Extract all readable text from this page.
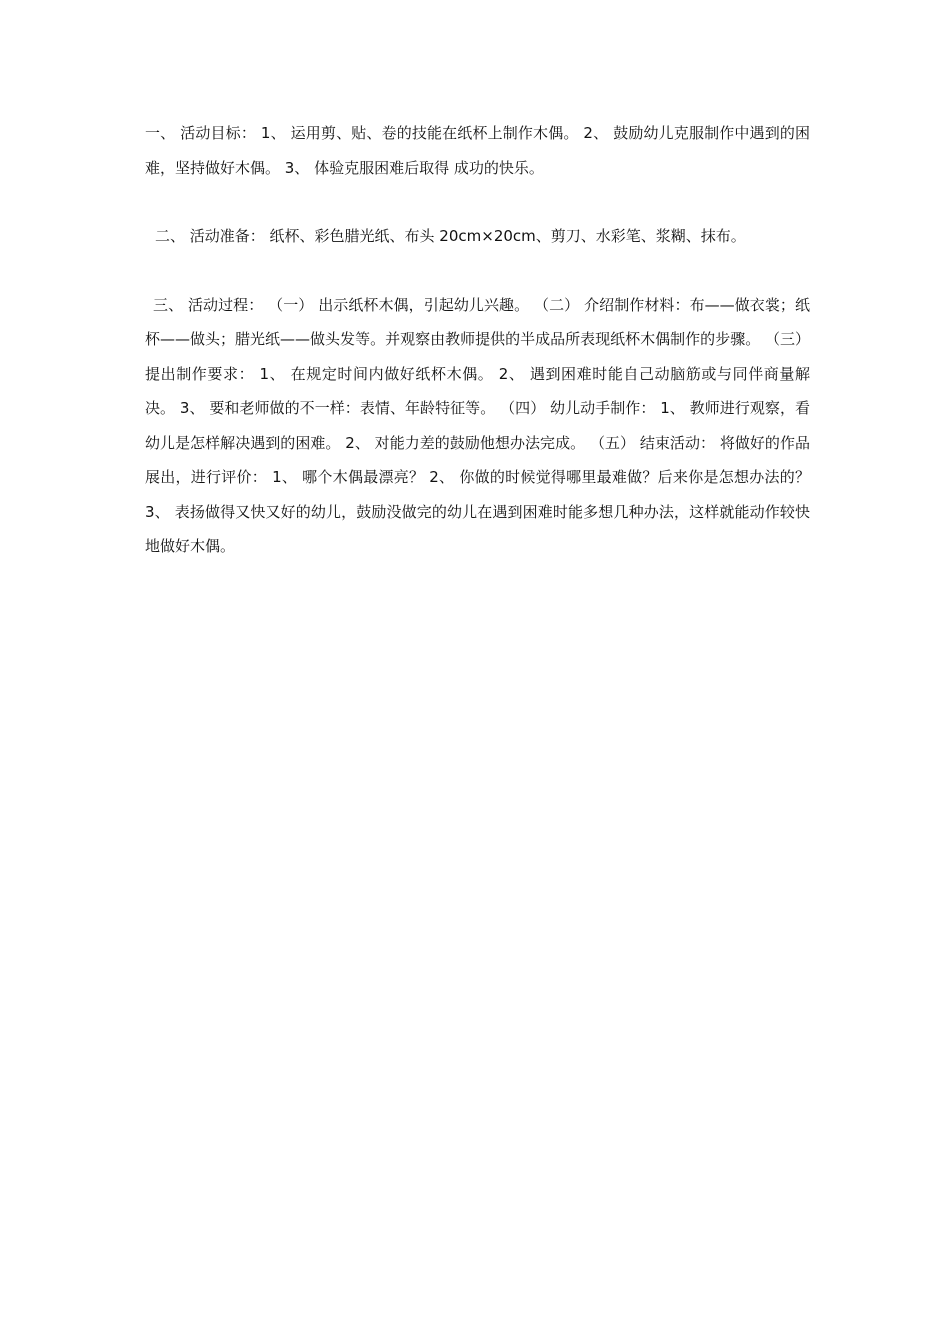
一、 活动目标： 1、 运用剪、贴、卷的技能在纸杯上制作木偶。 2、 鼓励幼儿克服制作中遇到的困难，坚持做好木偶。 3、 体验克服困难后取得 成功的快乐。

二、 活动准备： 纸杯、彩色腊光纸、布头 20cm×20cm、剪刀、水彩笔、浆糊、抹布。

三、 活动过程： （一） 出示纸杯木偶，引起幼儿兴趣。 （二） 介绍制作材料：布——做衣裳；纸杯——做头；腊光纸——做头发等。并观察由教师提供的半成品所表现纸杯木偶制作的步骤。 （三） 提出制作要求： 1、 在规定时间内做好纸杯木偶。 2、 遇到困难时能自己动脑筋或与同伴商量解决。 3、 要和老师做的不一样：表情、年龄特征等。 （四） 幼儿动手制作： 1、 教师进行观察，看幼儿是怎样解决遇到的困难。 2、 对能力差的鼓励他想办法完成。 （五） 结束活动： 将做好的作品展出，进行评价： 1、 哪个木偶最漂亮？ 2、 你做的时候觉得哪里最难做？后来你是怎想办法的？ 3、 表扬做得又快又好的幼儿，鼓励没做完的幼儿在遇到困难时能多想几种办法，这样就能动作较快地做好木偶。
